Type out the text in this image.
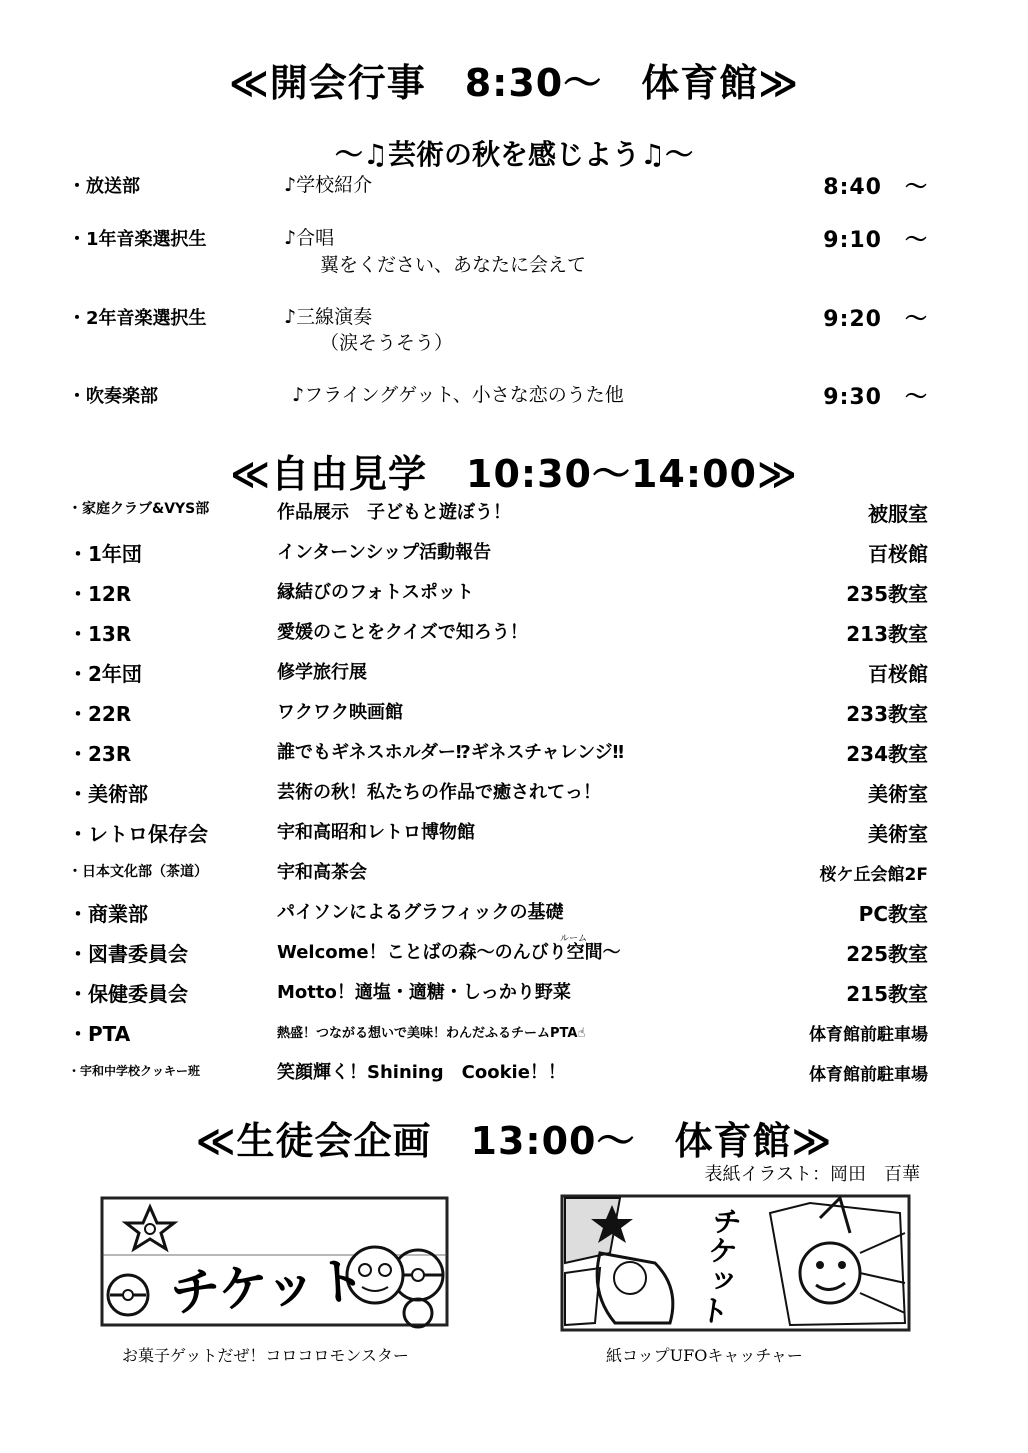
≪開会行事　8:30～　体育館≫
～♫芸術の秋を感じよう♫～
・放送部	♪学校紹介	8:40　～
・1年音楽選択生	♪合唱	9:10　～
翼をください、あなたに会えて
・2年音楽選択生	♪三線演奏	9:20　～
（涙そうそう）
・吹奏楽部	♪フライングゲット、小さな恋のうた他	9:30　～
≪自由見学　10:30～14:00≫
・家庭クラブ&VYS部	作品展示　子どもと遊ぼう！	被服室
・1年団	インターンシップ活動報告	百桜館
・12R	縁結びのフォトスポット	235教室
・13R	愛媛のことをクイズで知ろう！	213教室
・2年団	修学旅行展	百桜館
・22R	ワクワク映画館	233教室
・23R	誰でもギネスホルダー⁉ギネスチャレンジ‼	234教室
・美術部	芸術の秋！私たちの作品で癒されてっ！	美術室
・レトロ保存会	宇和高昭和レトロ博物館	美術室
・日本文化部（茶道）	宇和高茶会	桜ケ丘会館2F
・商業部	パイソンによるグラフィックの基礎	PC教室
ルーム
・図書委員会	Welcome！ことばの森～のんびり空間～	225教室
・保健委員会	Motto！適塩・適糖・しっかり野菜	215教室
・PTA	熱盛！つながる想いで美味！わんだふるチームPTA☝	体育館前駐車場
・宇和中学校クッキー班	笑顔輝く！Shining　Cookie！！	体育館前駐車場
≪生徒会企画　13:00～　体育館≫
表紙イラスト：岡田　百華
チケット
お菓子ゲットだぜ！コロコロモンスター
チケット
紙コップUFOキャッチャー
